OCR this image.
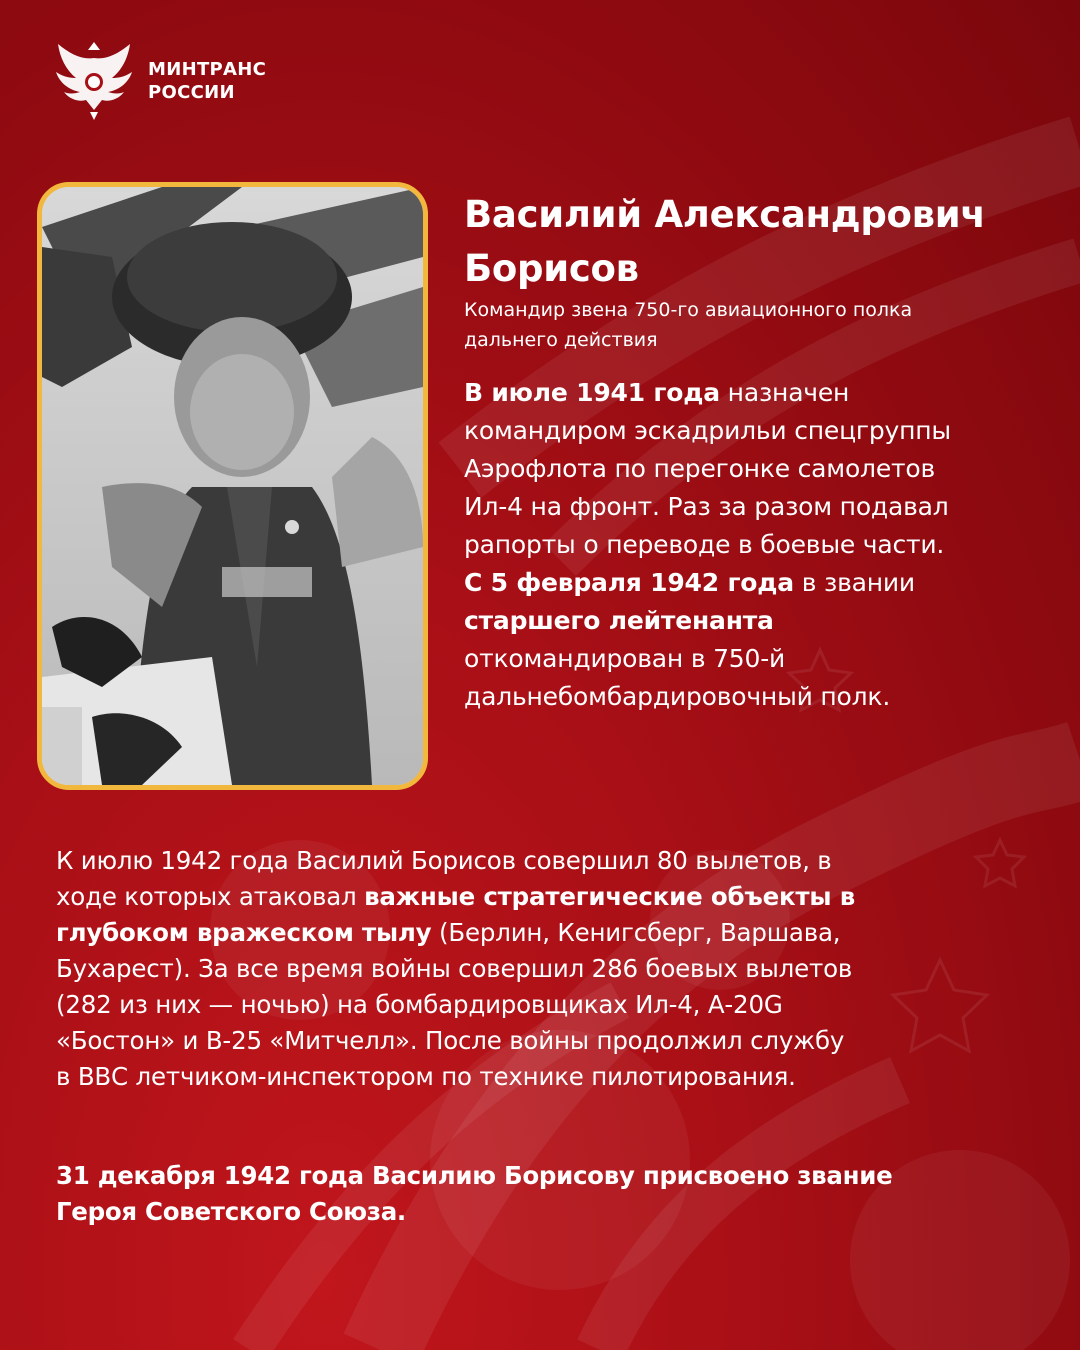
МИНТРАНС
РОССИИ
Василий Александрович
Борисов
Командир звена 750-го авиационного полка
дальнего действия
В июле 1941 года назначен
командиром эскадрильи спецгруппы
Аэрофлота по перегонке самолетов
Ил-4 на фронт. Раз за разом подавал
рапорты о переводе в боевые части.
С 5 февраля 1942 года в звании
старшего лейтенанта
откомандирован в 750-й
дальнебомбардировочный полк.
К июлю 1942 года Василий Борисов совершил 80 вылетов, в
ходе которых атаковал важные стратегические объекты в
глубоком вражеском тылу (Берлин, Кенигсберг, Варшава,
Бухарест). За все время войны совершил 286 боевых вылетов
(282 из них — ночью) на бомбардировщиках Ил-4, А-20G
«Бостон» и B-25 «Митчелл». После войны продолжил службу
в ВВС летчиком-инспектором по технике пилотирования.
31 декабря 1942 года Василию Борисову присвоено звание
Героя Советского Союза.
